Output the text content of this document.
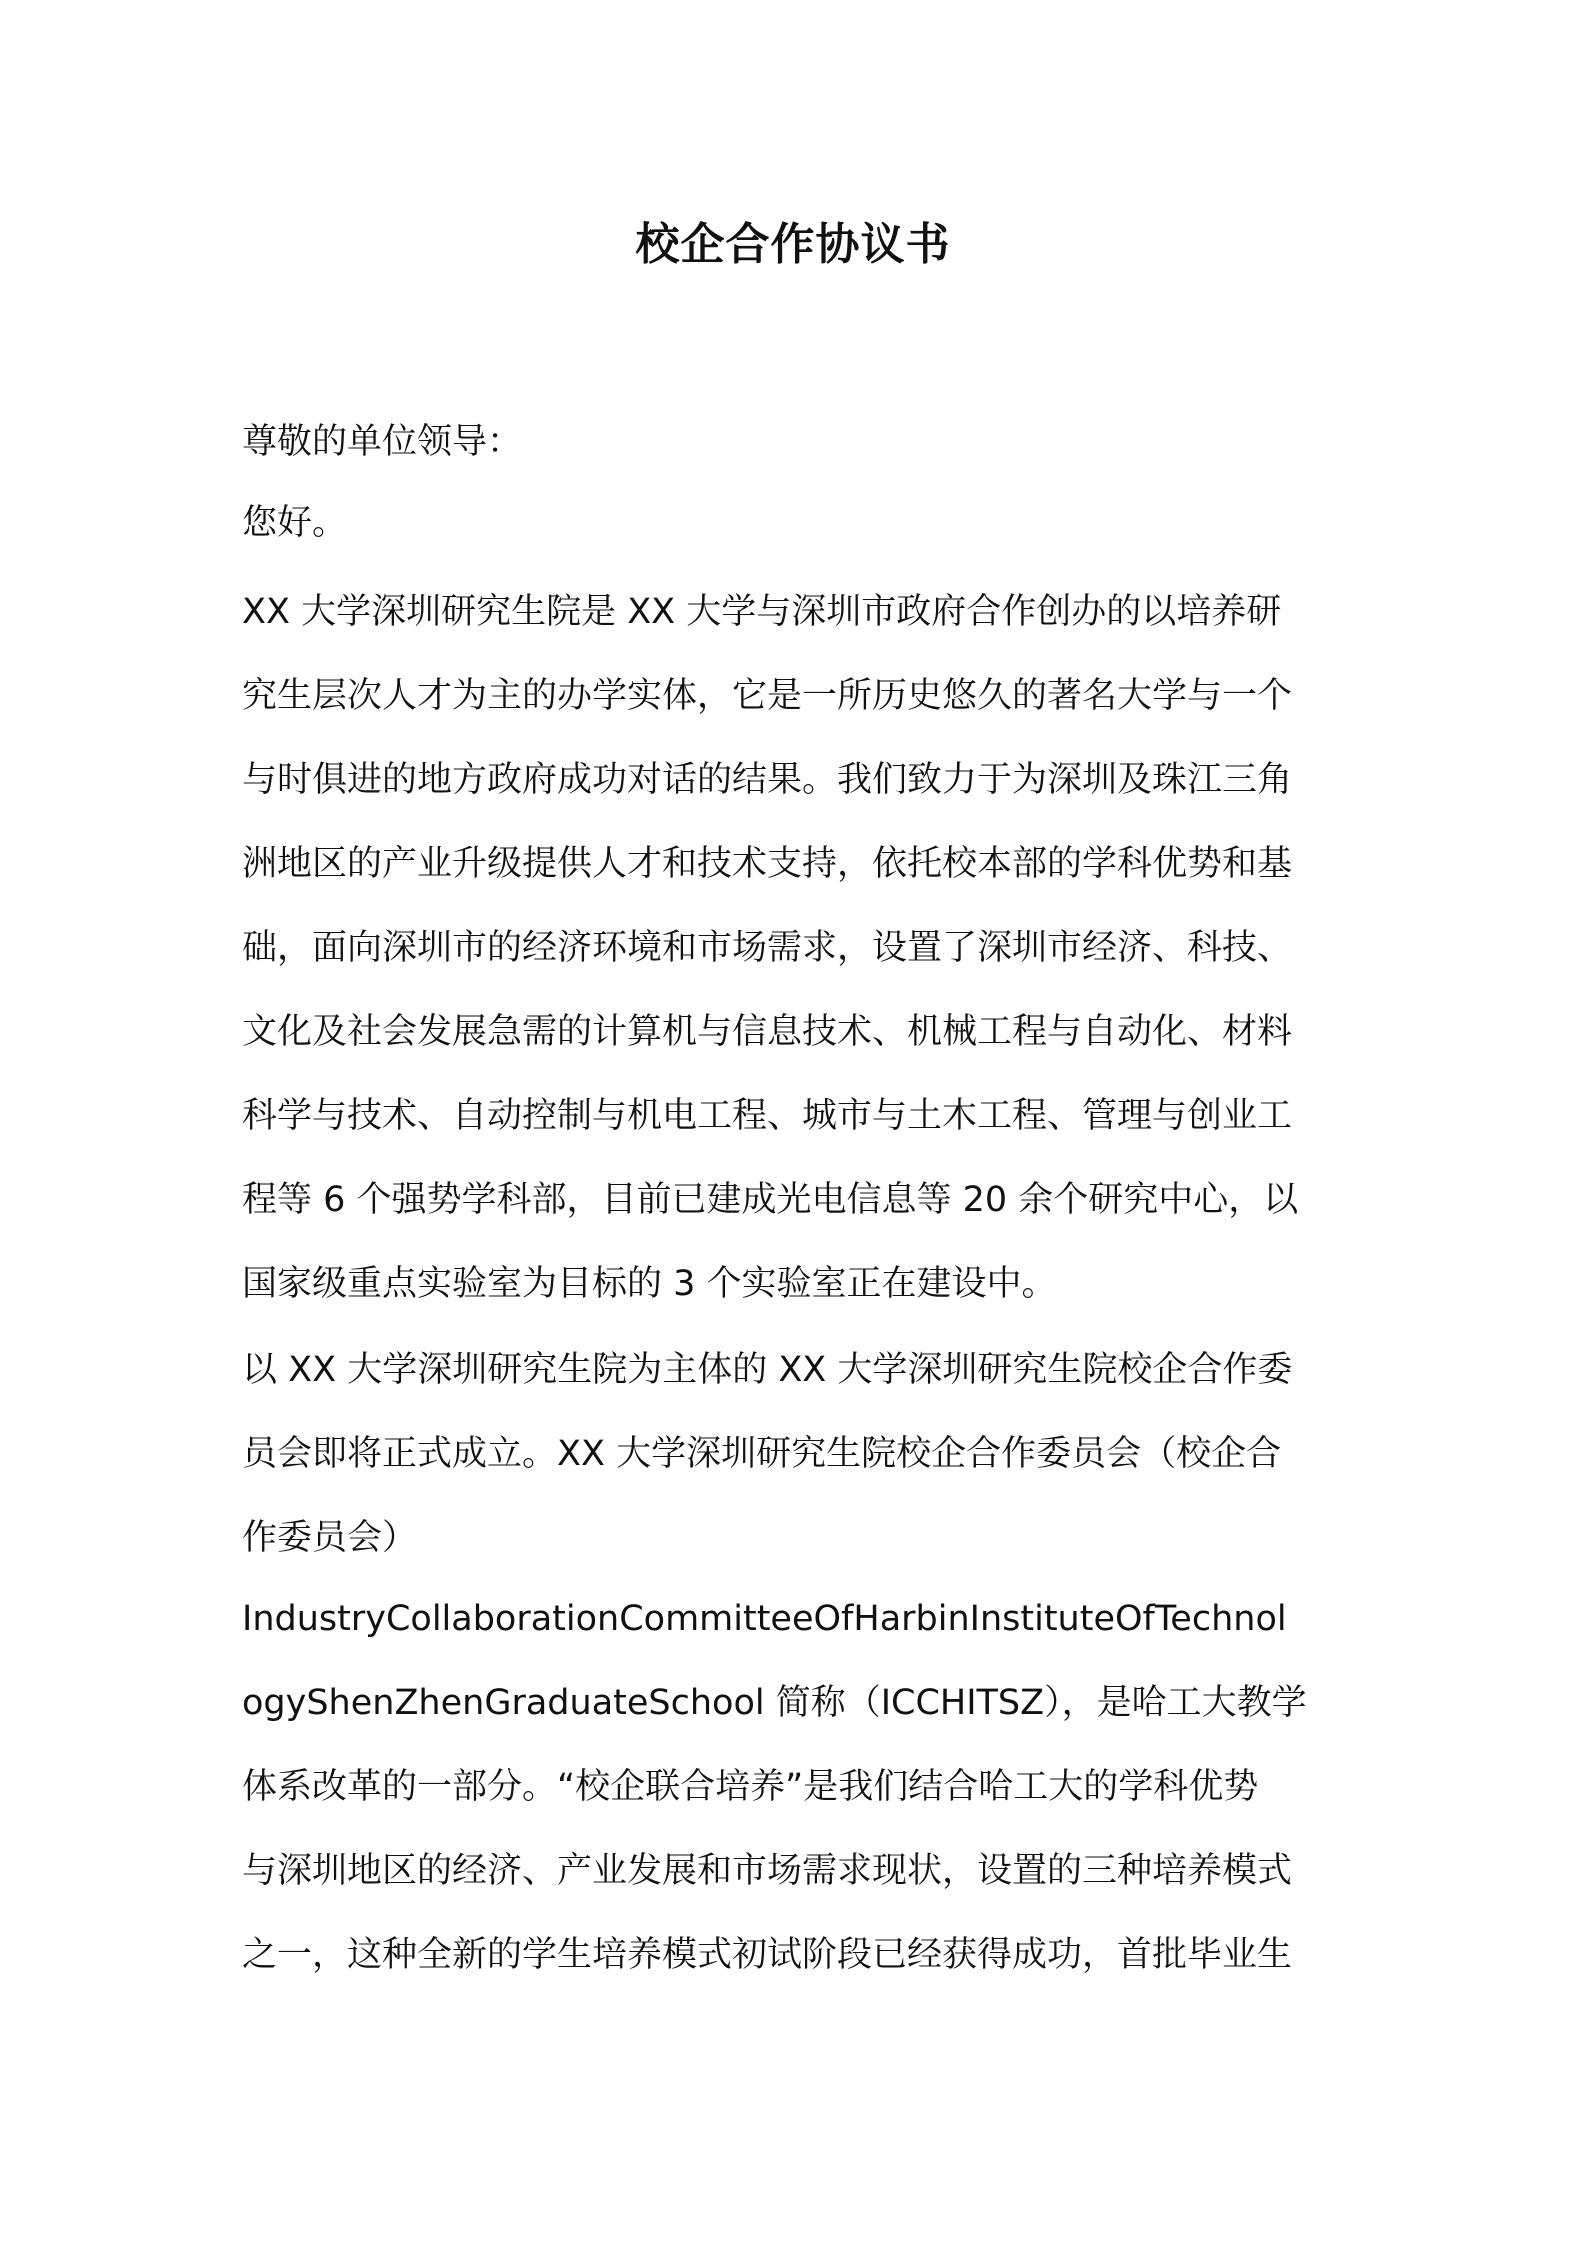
校企合作协议书
尊敬的单位领导：
您好。
XX 大学深圳研究生院是 XX 大学与深圳市政府合作创办的以培养研
究生层次人才为主的办学实体，它是一所历史悠久的著名大学与一个
与时俱进的地方政府成功对话的结果。我们致力于为深圳及珠江三角
洲地区的产业升级提供人才和技术支持，依托校本部的学科优势和基
础，面向深圳市的经济环境和市场需求，设置了深圳市经济、科技、
文化及社会发展急需的计算机与信息技术、机械工程与自动化、材料
科学与技术、自动控制与机电工程、城市与土木工程、管理与创业工
程等 6 个强势学科部，目前已建成光电信息等 20 余个研究中心，以
国家级重点实验室为目标的 3 个实验室正在建设中。
以 XX 大学深圳研究生院为主体的 XX 大学深圳研究生院校企合作委
员会即将正式成立。XX 大学深圳研究生院校企合作委员会（校企合
作委员会）
IndustryCollaborationCommitteeOfHarbinInstituteOfTechnol
ogyShenZhenGraduateSchool 简称（ICCHITSZ），是哈工大教学
体系改革的一部分。“校企联合培养”是我们结合哈工大的学科优势
与深圳地区的经济、产业发展和市场需求现状，设置的三种培养模式
之一，这种全新的学生培养模式初试阶段已经获得成功，首批毕业生
